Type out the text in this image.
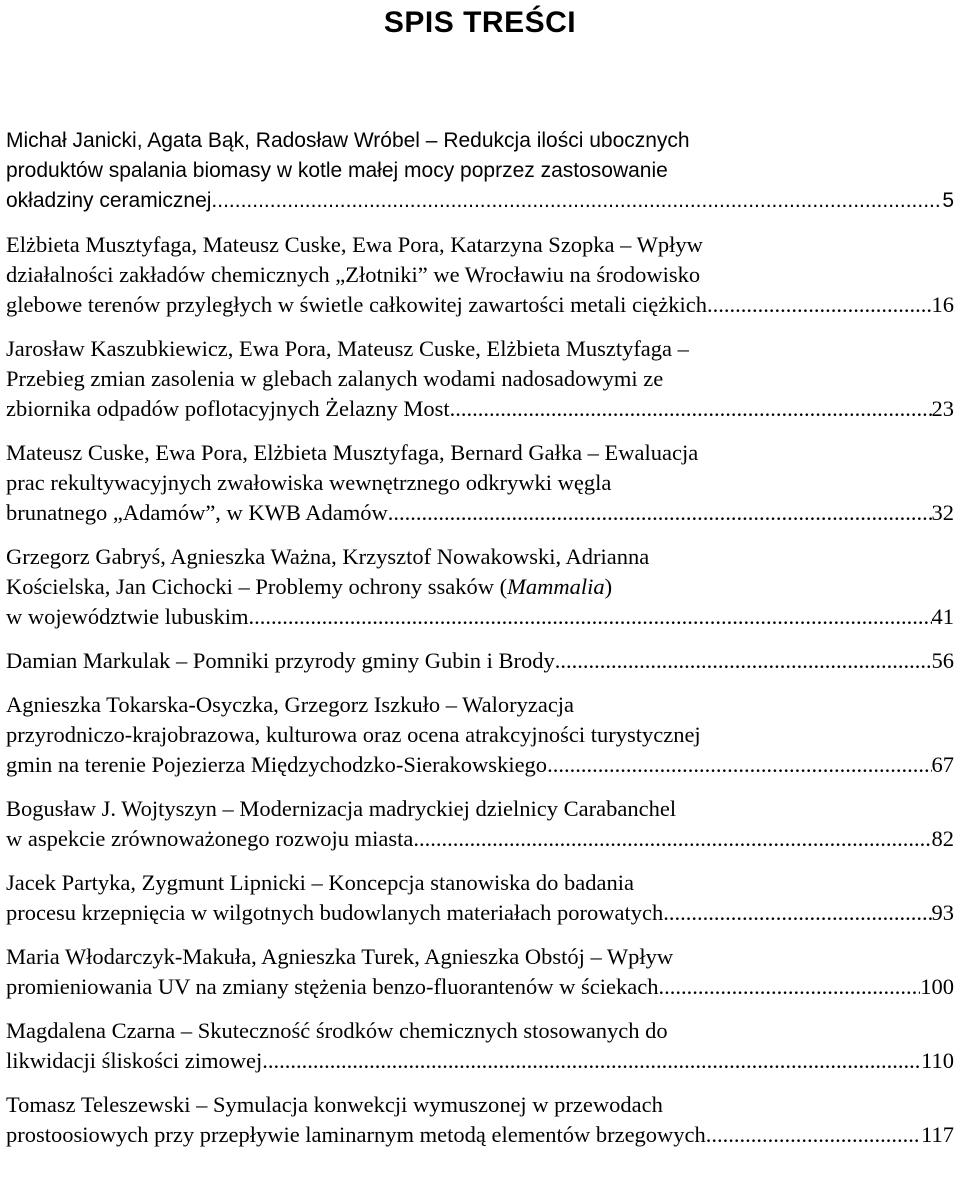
SPIS TREŚCI
Michał Janicki, Agata Bąk, Radosław Wróbel – Redukcja ilości ubocznych
produktów spalania biomasy w kotle małej mocy poprzez zastosowanie
okładziny ceramicznej .....	5
Elżbieta Musztyfaga, Mateusz Cuske, Ewa Pora, Katarzyna Szopka – Wpływ
działalności zakładów chemicznych „Złotniki” we Wrocławiu na środowisko
glebowe terenów przyległych w świetle całkowitej zawartości metali ciężkich .....	16
Jarosław Kaszubkiewicz, Ewa Pora, Mateusz Cuske, Elżbieta Musztyfaga –
Przebieg zmian zasolenia w glebach zalanych wodami nadosadowymi ze
zbiornika odpadów poflotacyjnych Żelazny Most .....	23
Mateusz Cuske, Ewa Pora, Elżbieta Musztyfaga, Bernard Gałka – Ewaluacja
prac rekultywacyjnych zwałowiska wewnętrznego odkrywki węgla
brunatnego „Adamów”, w KWB Adamów .....	32
Grzegorz Gabryś, Agnieszka Ważna, Krzysztof Nowakowski, Adrianna
Kościelska, Jan Cichocki – Problemy ochrony ssaków (Mammalia)
w województwie lubuskim .....	41
Damian Markulak – Pomniki przyrody gminy Gubin i Brody .....	56
Agnieszka Tokarska-Osyczka, Grzegorz Iszkuło – Waloryzacja
przyrodniczo-krajobrazowa, kulturowa oraz ocena atrakcyjności turystycznej
gmin na terenie Pojezierza Międzychodzko-Sierakowskiego .....	67
Bogusław J. Wojtyszyn – Modernizacja madryckiej dzielnicy Carabanchel
w aspekcie zrównoważonego rozwoju miasta .....	82
Jacek Partyka, Zygmunt Lipnicki – Koncepcja stanowiska do badania
procesu krzepnięcia w wilgotnych budowlanych materiałach porowatych .....	93
Maria Włodarczyk-Makuła, Agnieszka Turek, Agnieszka Obstój – Wpływ
promieniowania UV na zmiany stężenia benzo-fluorantenów w ściekach .....	100
Magdalena Czarna – Skuteczność środków chemicznych stosowanych do
likwidacji śliskości zimowej .....	110
Tomasz Teleszewski – Symulacja konwekcji wymuszonej w przewodach
prostoosiowych przy przepływie laminarnym metodą elementów brzegowych .....	117
